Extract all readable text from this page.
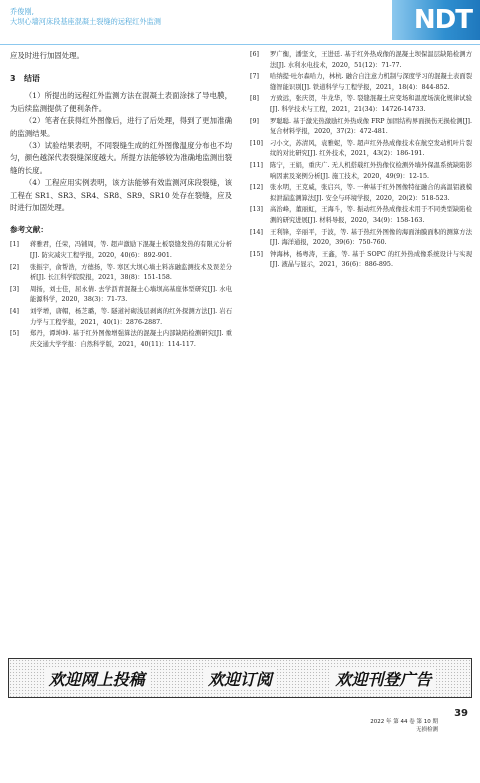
乔俊刚,
大坝心墙河床段基座混凝土裂缝的远程红外监测	NDT

应及时进行加固处理。

3 结语

（1）所提出的远程红外监测方法在混凝土表面涂抹了导电膜，为后续监测提供了便利条件。

（2）笔者在获得红外图像后，进行了后处理，得到了更加准确的监测结果。

（3）试验结果表明，不同裂缝生成的红外图像温度分布也不均匀，颜色越深代表裂缝深度越大。所提方法能够较为准确地监测出裂缝的长度。

（4）工程应用实例表明，该方法能够有效监测河床段裂缝，该工程在 SR1、SR3、SR4、SR8、SR9、SR10 处存在裂缝，应及时进行加固处理。

参考文献：
[1]	蒋雅君，任荣，冯铺周，等. 超声激励下混凝土板裂缝发热的有限元分析[J]. 防灾减灾工程学报，2020，40(6)：892-901.
[2]	张振宇，俞帮浩，方德扬，等. 寒区大坝心墙土料冻融监测技术及误差分析[J]. 长江科学院院报，2021，38(8)：151-158.
[3]	周扬，刘士佳，屈永倩. 去学沥青混凝土心墙坝高基座体型研究[J]. 水电能源科学，2020，38(3)：71-73.
[4]	刘学增，唐帽，杨芝璐，等. 隧道衬砌浅层剥离的红外探测方法[J]. 岩石力学与工程学报，2021，40(1)：2876-2887.
[5]	郑丹，谭坤坤. 基于红外图像增强算法的混凝土内部缺陷检测研究[J]. 重庆交通大学学报：自然科学版，2021，40(11)：114-117.
[6]	罗广衡，潘坚文，王进廷. 基于红外热成像的混凝土坝保温层缺陷检测方法[J]. 水利水电技术，2020，51(12)：71-77.
[7]	哈纳提·吐尔森哈力，林杭. 融合自注意力机制与深度学习的混凝土表面裂缝智能识别[J]. 铁道科学与工程学报，2021，18(4)：844-852.
[8]	方致远，张庆贺，牛龙华，等. 裂缝混凝土应变场和温度场演化规律试验[J]. 科学技术与工程，2021，21(34)：14726-14733.
[9]	罗聪聪. 基于激光热激励红外热成像 FRP 加固结构界面损伤无损检测[J]. 复合材料学报，2020，37(2)：472-481.
[10]	刁小文，苏清风，袁雅妮，等. 超声红外热成像技术在航空发动机叶片裂纹的对比研究[J]. 红外技术，2021，43(2)：186-191.
[11]	陈宁，王娟，重庆广. 无人机搭载红外热像仪检测外墙外保温系统缺陷影响因素及案例分析[J]. 施工技术，2020，49(9)：12-15.
[12]	张水明，王克威，张启兴，等. 一种基于红外图像特征融合的高温铝液模拟泄漏监测算法[J]. 安全与环境学报，2020，20(2)：518-523.
[13]	高治峰，董丽虹，王海斗，等. 振动红外热成像技术用于不同类型缺陷检测的研究进展[J]. 材料导报，2020，34(9)：158-163.
[14]	王利锋，辛丽平，于波，等. 基于热红外图像的海面油膜面积的测算方法[J]. 海洋通报，2020，39(6)：750-760.
[15]	钟海林，杨粤涛，王鑫，等. 基于 SOPC 的红外热成像系统设计与实现[J]. 液晶与显示，2021，36(6)：886-895.
欢迎网上投稿	欢迎订阅	欢迎刊登广告
39
2022 年 第 44 卷 第 10 期
无损检测
